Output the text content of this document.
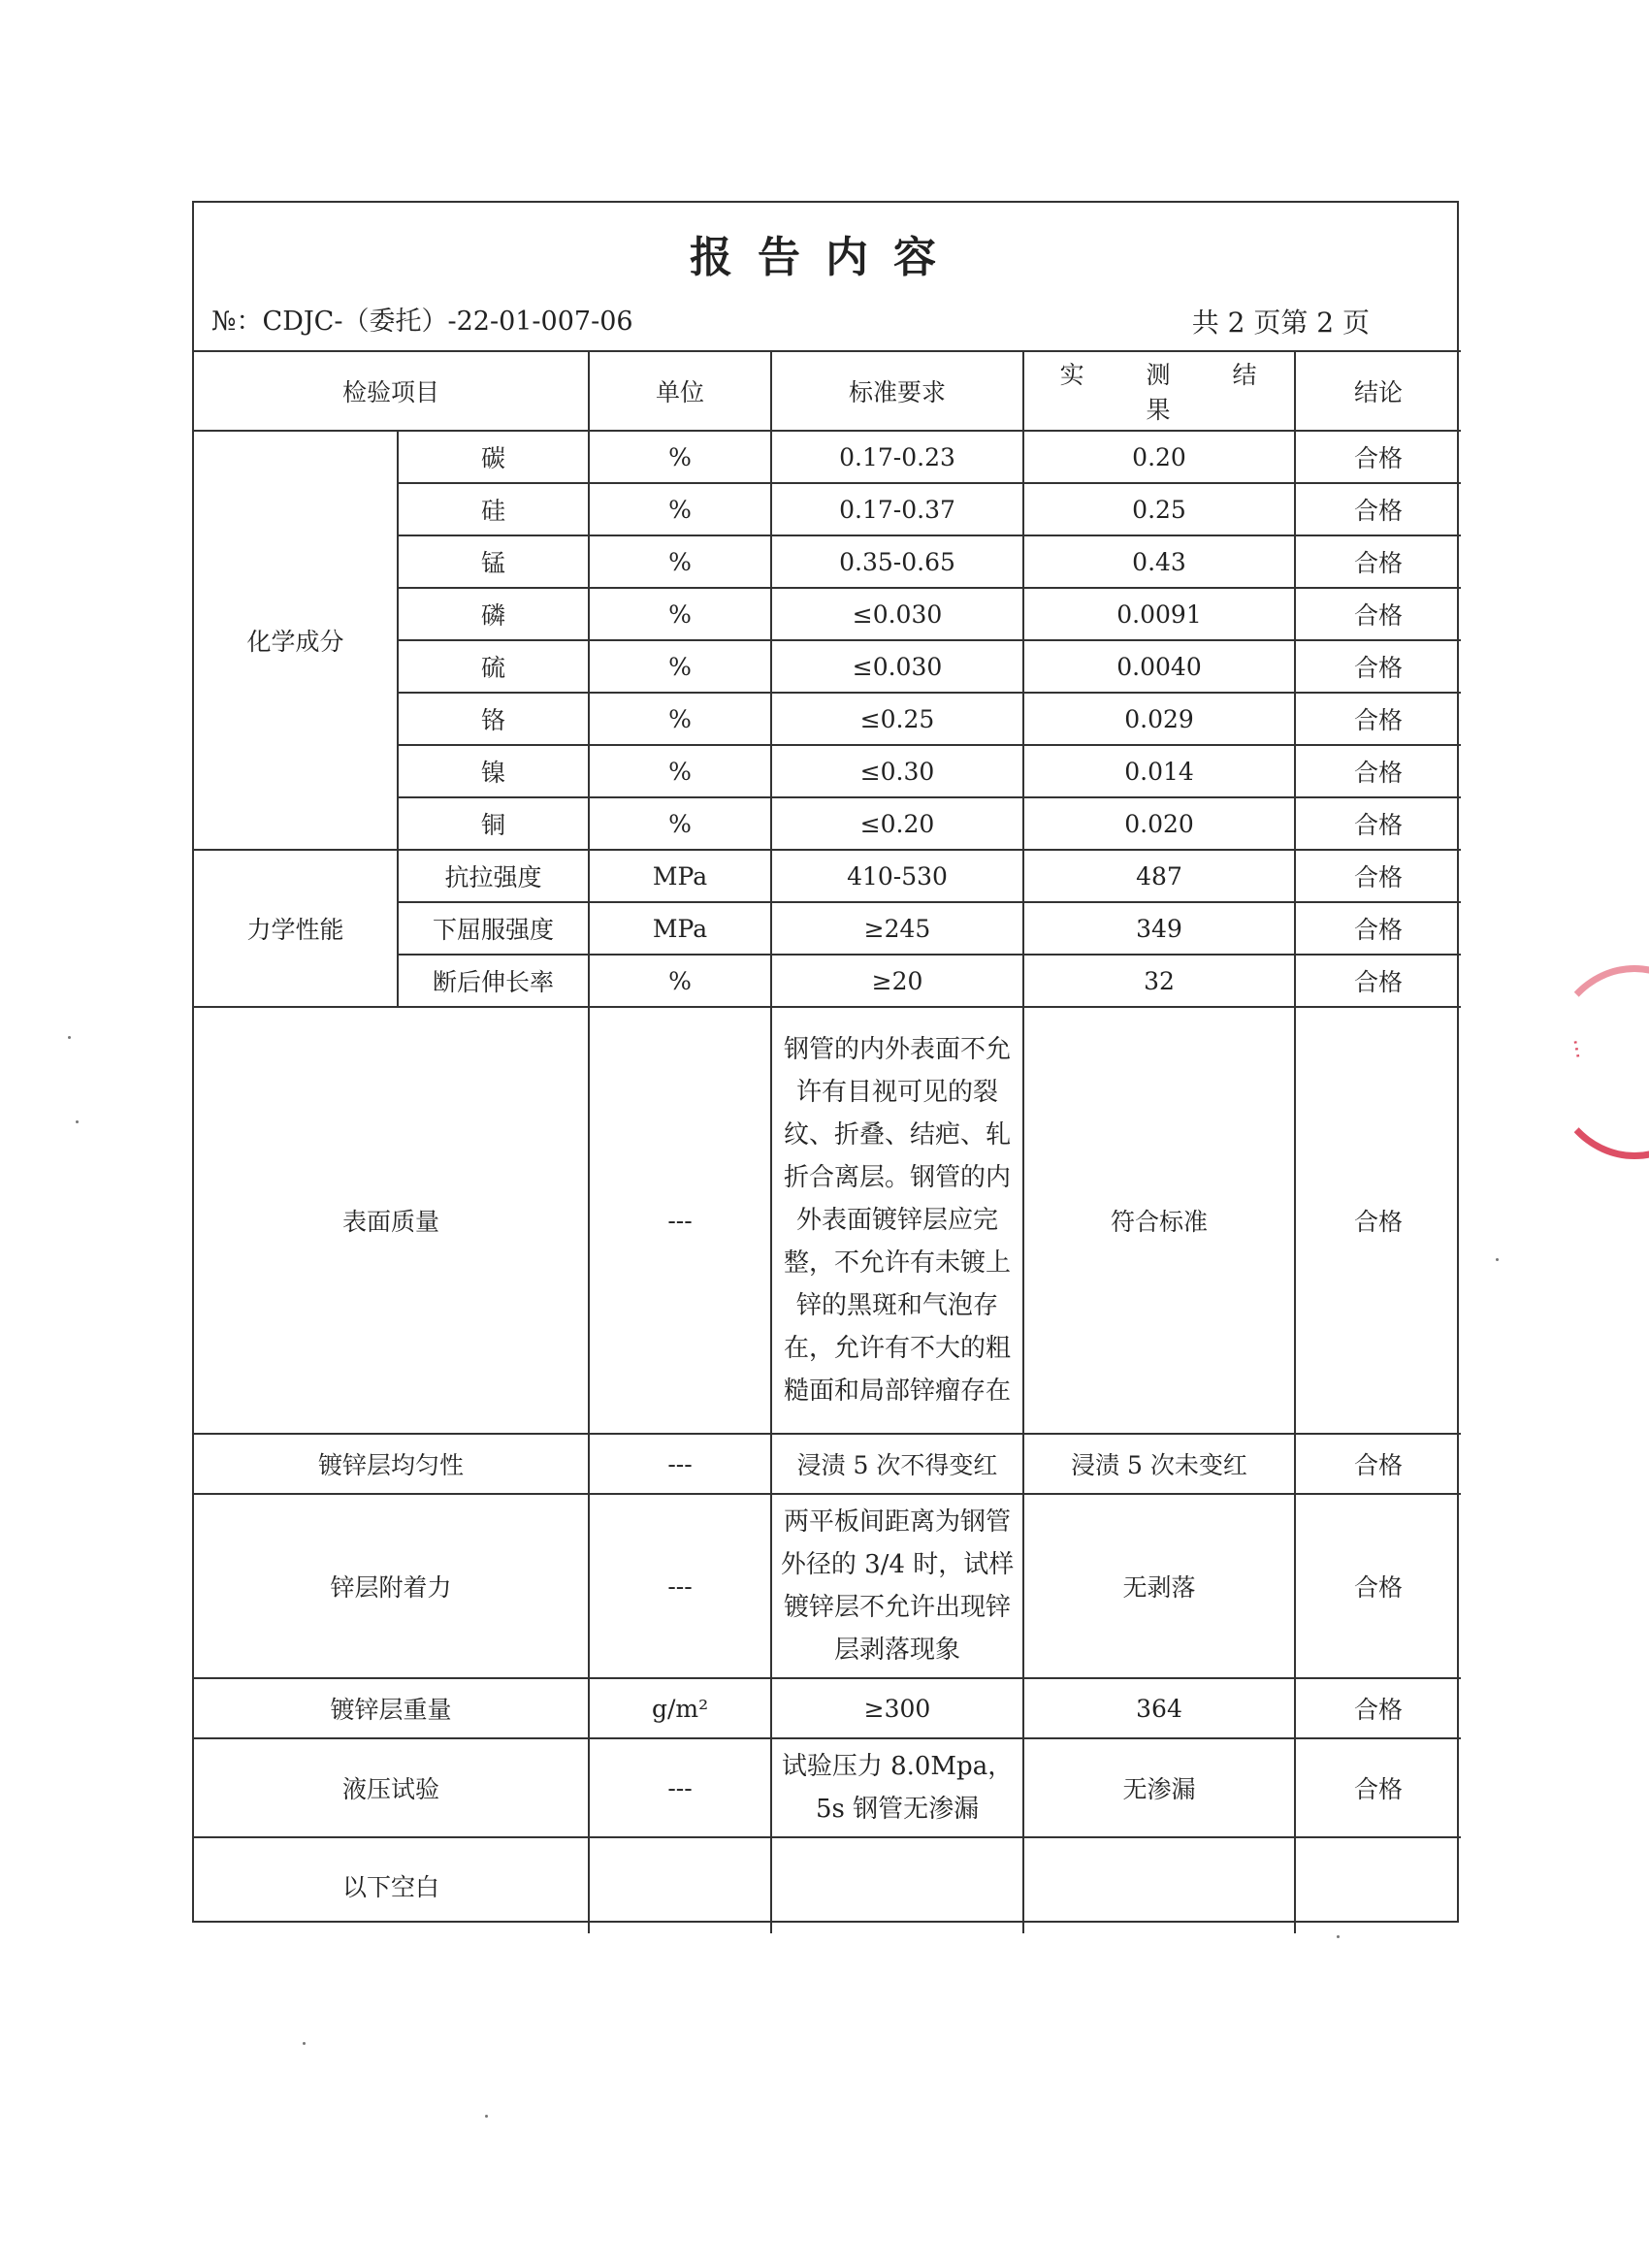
报告内容
№：CDJC-（委托）-22-01-007-06	共 2 页第 2 页
检验项目		单位	标准要求	实 测 结 果	结论
化学成分	碳	%	0.17-0.23	0.20	合格
	硅	%	0.17-0.37	0.25	合格
	锰	%	0.35-0.65	0.43	合格
	磷	%	≤0.030	0.0091	合格
	硫	%	≤0.030	0.0040	合格
	铬	%	≤0.25	0.029	合格
	镍	%	≤0.30	0.014	合格
	铜	%	≤0.20	0.020	合格
力学性能	抗拉强度	MPa	410-530	487	合格
	下屈服强度	MPa	≥245	349	合格
	断后伸长率	%	≥20	32	合格
表面质量		---	钢管的内外表面不允许有目视可见的裂纹、折叠、结疤、轧折合离层。钢管的内外表面镀锌层应完整，不允许有未镀上锌的黑斑和气泡存在，允许有不大的粗糙面和局部锌瘤存在	符合标准	合格
镀锌层均匀性		---	浸渍 5 次不得变红	浸渍 5 次未变红	合格
锌层附着力		---	两平板间距离为钢管外径的 3/4 时，试样镀锌层不允许出现锌层剥落现象	无剥落	合格
镀锌层重量		g/m²	≥300	364	合格
液压试验		---	试验压力 8.0Mpa，5s 钢管无渗漏	无渗漏	合格
以下空白					
...
